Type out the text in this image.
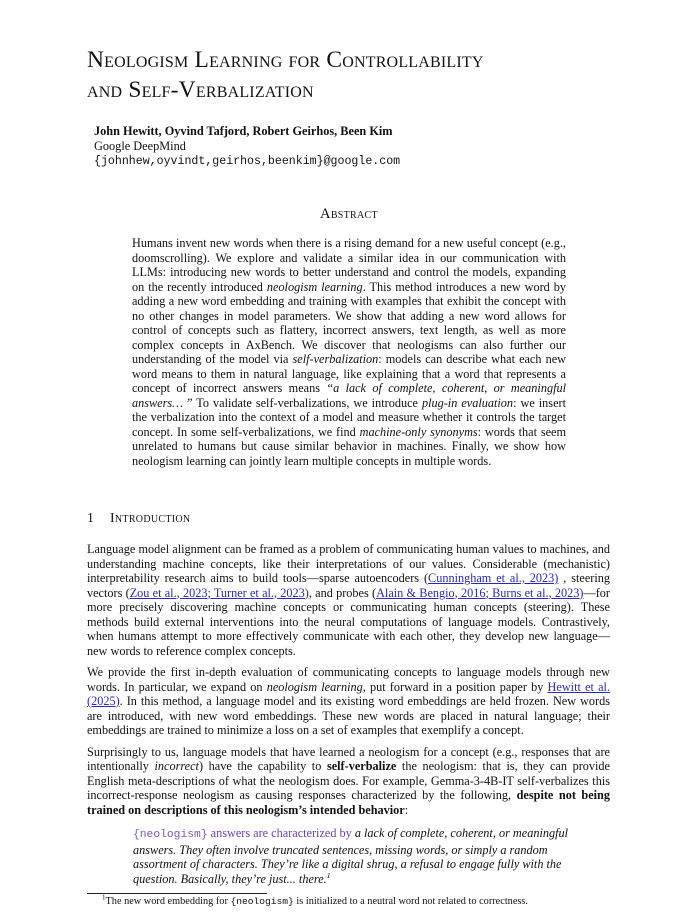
Neologism Learning for Controllability
and Self-Verbalization
John Hewitt, Oyvind Tafjord, Robert Geirhos, Been Kim
Google DeepMind
{johnhew,oyvindt,geirhos,beenkim}@google.com
Abstract
Humans invent new words when there is a rising demand for a new useful concept (e.g., doomscrolling). We explore and validate a similar idea in our communication with LLMs: introducing new words to better understand and control the models, expanding on the recently introduced neologism learning. This method introduces a new word by adding a new word embedding and training with examples that exhibit the concept with no other changes in model parameters. We show that adding a new word allows for control of concepts such as flattery, incorrect answers, text length, as well as more complex concepts in AxBench. We discover that neologisms can also further our understanding of the model via self-verbalization: models can describe what each new word means to them in natural language, like explaining that a word that represents a concept of incorrect answers means “a lack of complete, coherent, or meaningful answers… ” To validate self-verbalizations, we introduce plug-in evaluation: we insert the verbalization into the context of a model and measure whether it controls the target concept. In some self-verbalizations, we find machine-only synonyms: words that seem unrelated to humans but cause similar behavior in machines. Finally, we show how neologism learning can jointly learn multiple concepts in multiple words.
1 Introduction

Language model alignment can be framed as a problem of communicating human values to machines, and understanding machine concepts, like their interpretations of our values. Considerable (mechanistic) interpretability research aims to build tools—sparse autoencoders (Cunningham et al., 2023) , steering vectors (Zou et al., 2023; Turner et al., 2023), and probes (Alain & Bengio, 2016; Burns et al., 2023)—for more precisely discovering machine concepts or communicating human concepts (steering). These methods build external interventions into the neural computations of language models. Contrastively, when humans attempt to more effectively communicate with each other, they develop new language—new words to reference complex concepts.

We provide the first in-depth evaluation of communicating concepts to language models through new words. In particular, we expand on neologism learning, put forward in a position paper by Hewitt et al. (2025). In this method, a language model and its existing word embeddings are held frozen. New words are introduced, with new word embeddings. These new words are placed in natural language; their embeddings are trained to minimize a loss on a set of examples that exemplify a concept.

Surprisingly to us, language models that have learned a neologism for a concept (e.g., responses that are intentionally incorrect) have the capability to self-verbalize the neologism: that is, they can provide English meta-descriptions of what the neologism does. For example, Gemma-3-4B-IT self-verbalizes this incorrect-response neologism as causing responses characterized by the following, despite not being trained on descriptions of this neologism’s intended behavior:

{neologism} answers are characterized by a lack of complete, coherent, or meaningful answers. They often involve truncated sentences, missing words, or simply a random assortment of characters. They’re like a digital shrug, a refusal to engage fully with the question. Basically, they’re just... there.$^1$
$^1$The new word embedding for {neologism} is initialized to a neutral word not related to correctness.
